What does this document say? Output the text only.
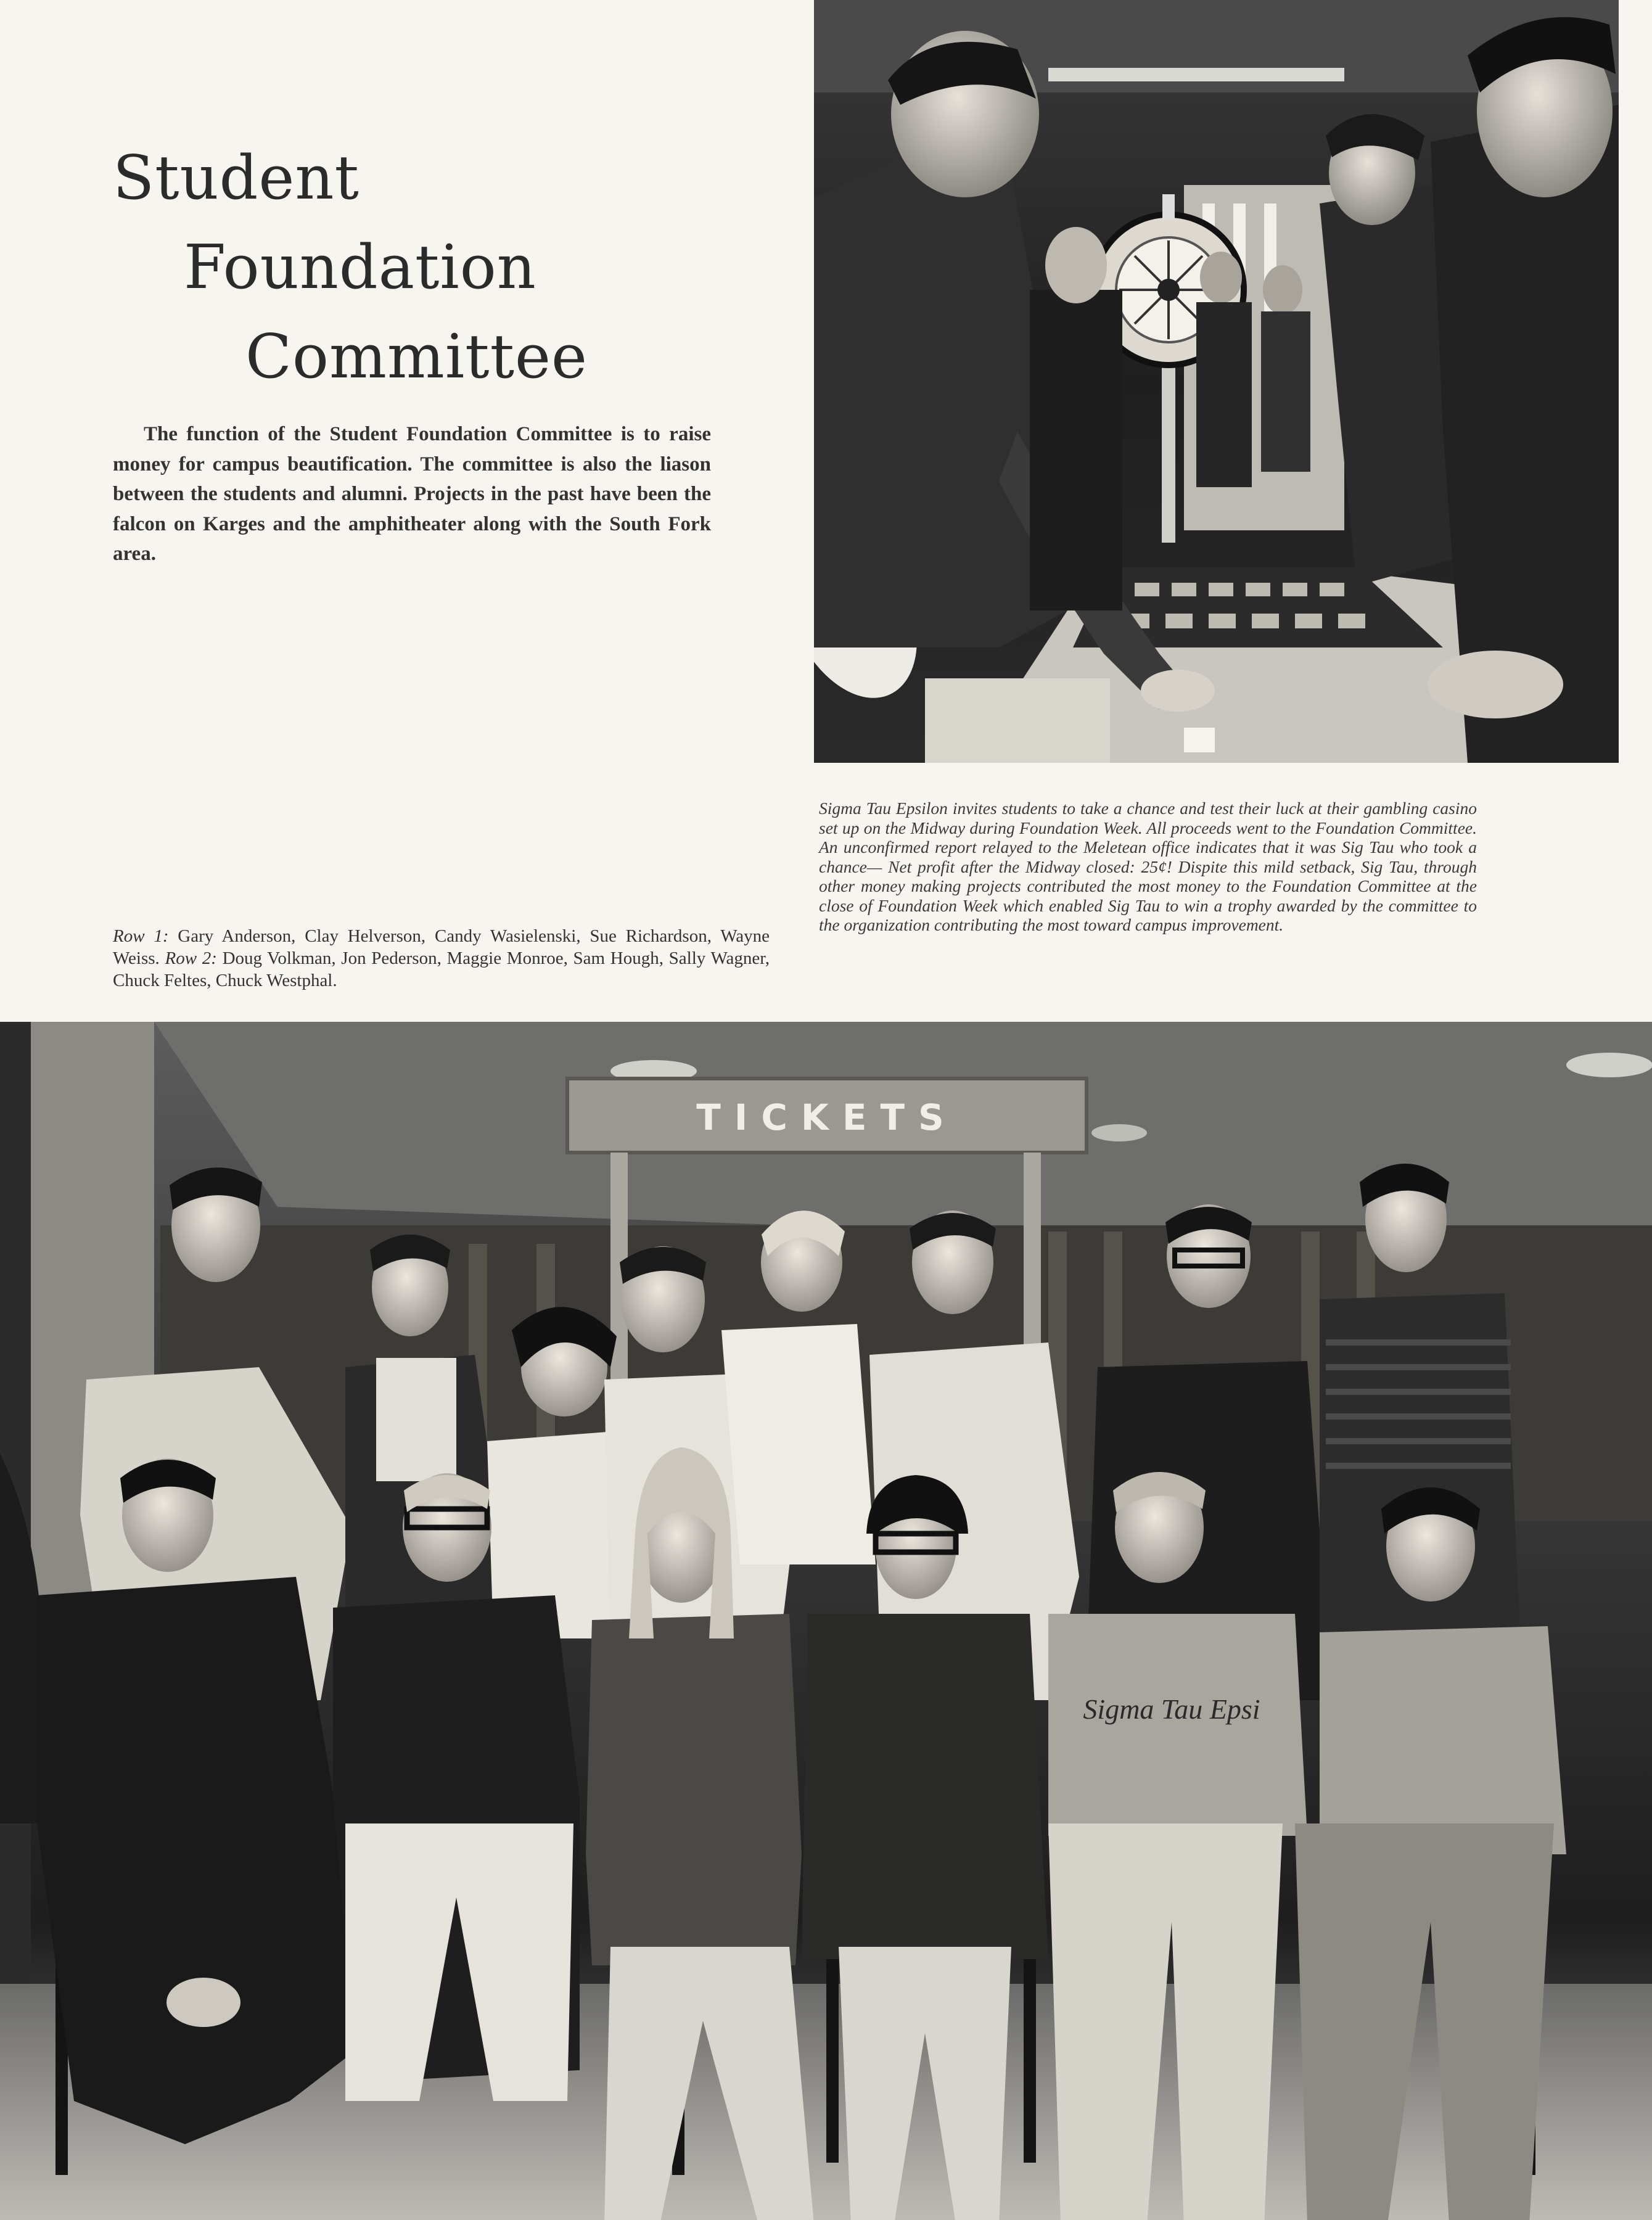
Student
Foundation
Committee

The function of the Student Foundation Committee is to raise money for campus beautification. The committee is also the liason between the students and alumni. Projects in the past have been the falcon on Karges and the amphitheater along with the South Fork area.

Row 1: Gary Anderson, Clay Helverson, Candy Wasielenski, Sue Richardson, Wayne Weiss. Row 2: Doug Volkman, Jon Pederson, Maggie Monroe, Sam Hough, Sally Wagner, Chuck Feltes, Chuck Westphal.

Sigma Tau Epsilon invites students to take a chance and test their luck at their gambling casino set up on the Midway during Foundation Week. All proceeds went to the Foundation Committee. An unconfirmed report relayed to the Meletean office indicates that it was Sig Tau who took a chance— Net profit after the Midway closed: 25¢! Dispite this mild setback, Sig Tau, through other money making projects contributed the most money to the Foundation Committee at the close of Foundation Week which enabled Sig Tau to win a trophy awarded by the committee to the organization contributing the most toward campus improvement.

TICKETS
Sigma Tau Epsi
